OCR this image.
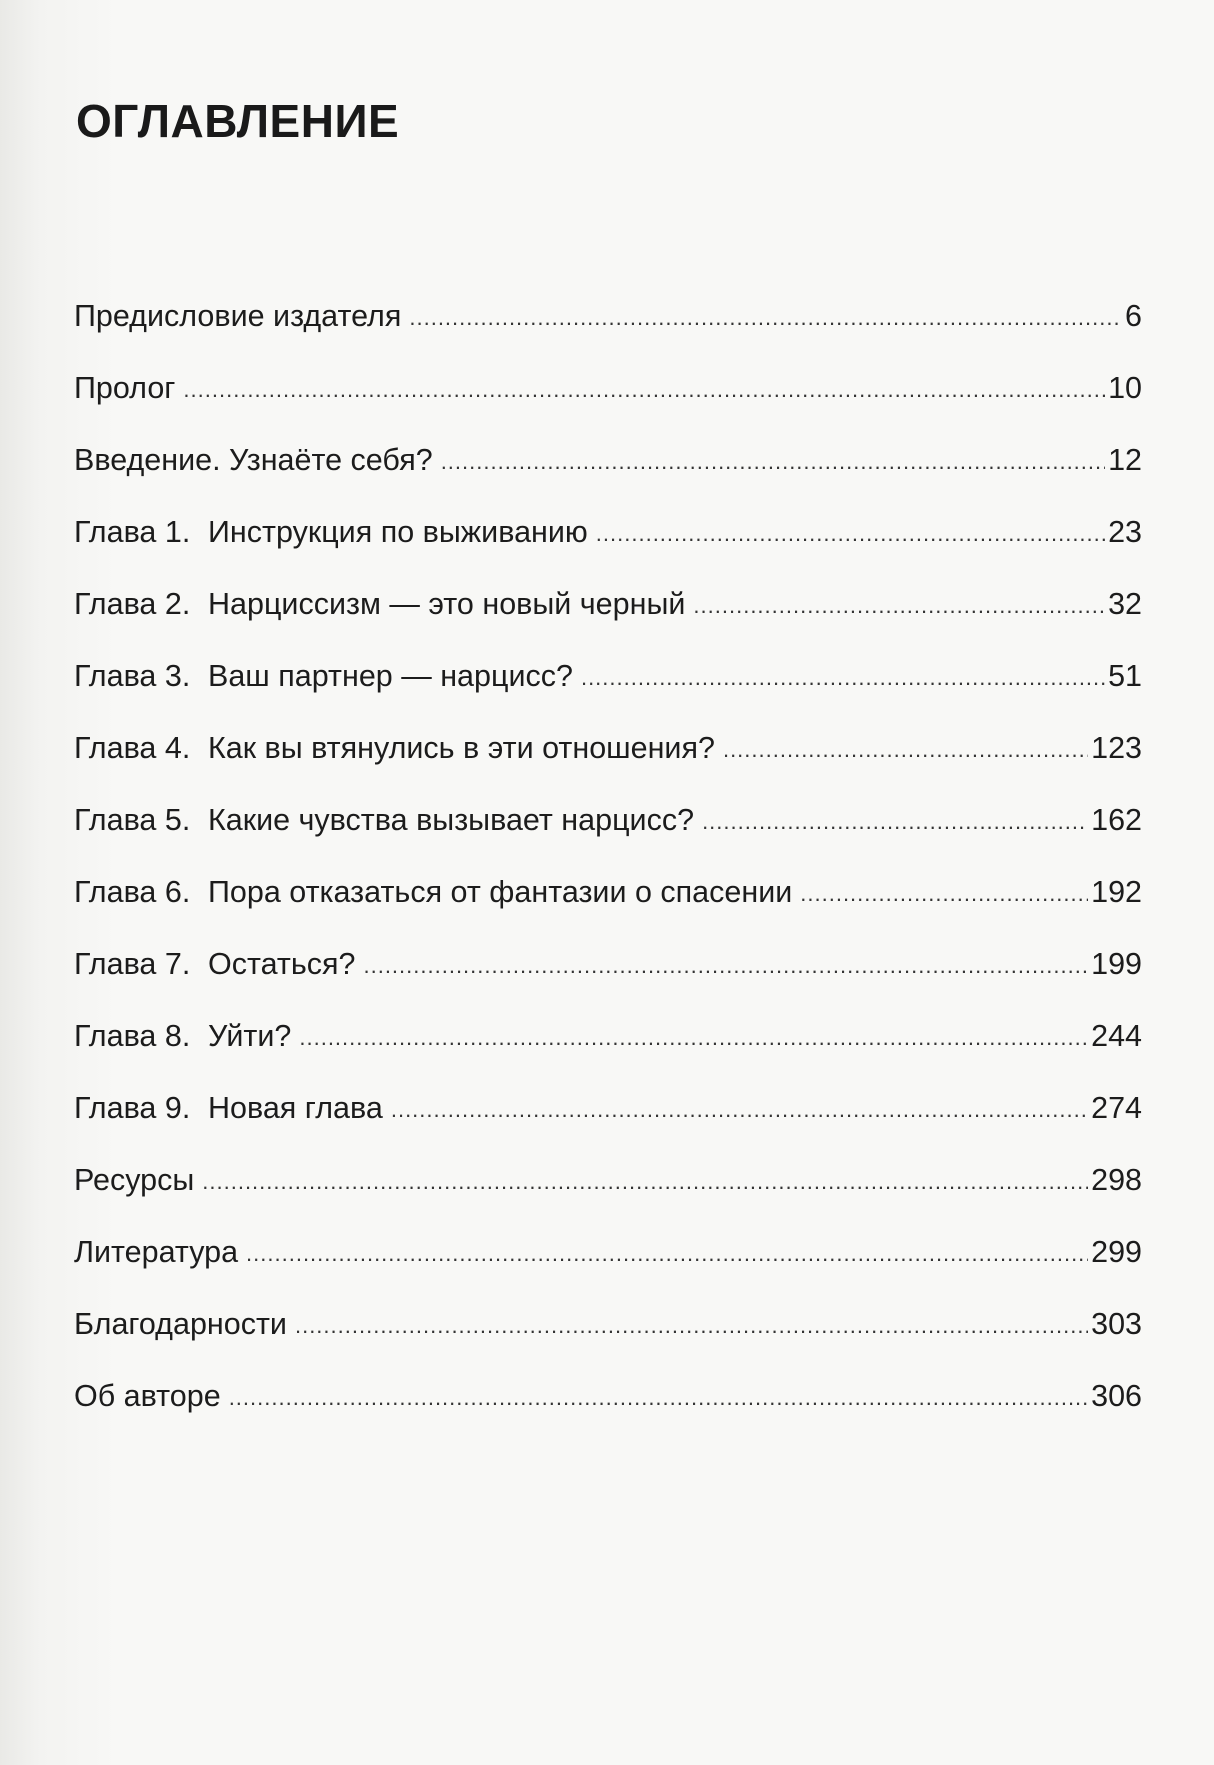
ОГЛАВЛЕНИЕ
Предисловие издателя .....	6
Пролог .....	10
Введение. Узнаёте себя? .....	12
Глава 1. Инструкция по выживанию .....	23
Глава 2. Нарциссизм — это новый черный .....	32
Глава 3. Ваш партнер — нарцисс? .....	51
Глава 4. Как вы втянулись в эти отношения? .....	123
Глава 5. Какие чувства вызывает нарцисс? .....	162
Глава 6. Пора отказаться от фантазии о спасении .....	192
Глава 7. Остаться? .....	199
Глава 8. Уйти? .....	244
Глава 9. Новая глава .....	274
Ресурсы .....	298
Литература .....	299
Благодарности .....	303
Об авторе .....	306
